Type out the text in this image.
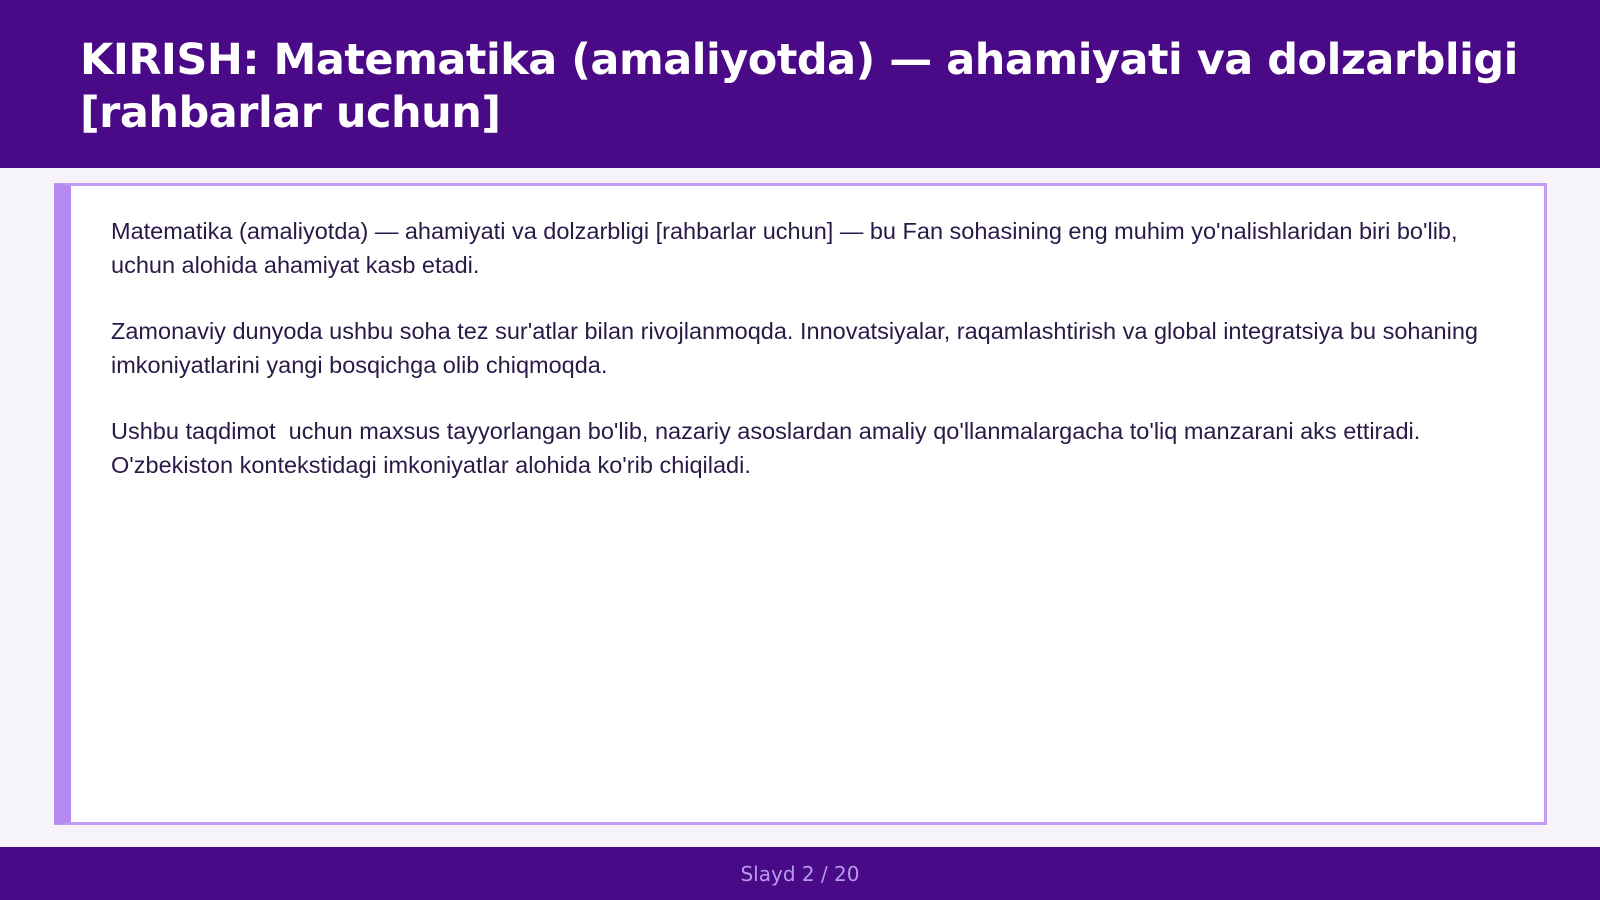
KIRISH: Matematika (amaliyotda) — ahamiyati va dolzarbligi [rahbarlar uchun]

Matematika (amaliyotda) — ahamiyati va dolzarbligi [rahbarlar uchun] — bu Fan sohasining eng muhim yo'nalishlaridan biri bo'lib,  uchun alohida ahamiyat kasb etadi.

Zamonaviy dunyoda ushbu soha tez sur'atlar bilan rivojlanmoqda. Innovatsiyalar, raqamlashtirish va global integratsiya bu sohaning imkoniyatlarini yangi bosqichga olib chiqmoqda.

Ushbu taqdimot  uchun maxsus tayyorlangan bo'lib, nazariy asoslardan amaliy qo'llanmalargacha to'liq manzarani aks ettiradi. O'zbekiston kontekstidagi imkoniyatlar alohida ko'rib chiqiladi.

Slayd 2 / 20
